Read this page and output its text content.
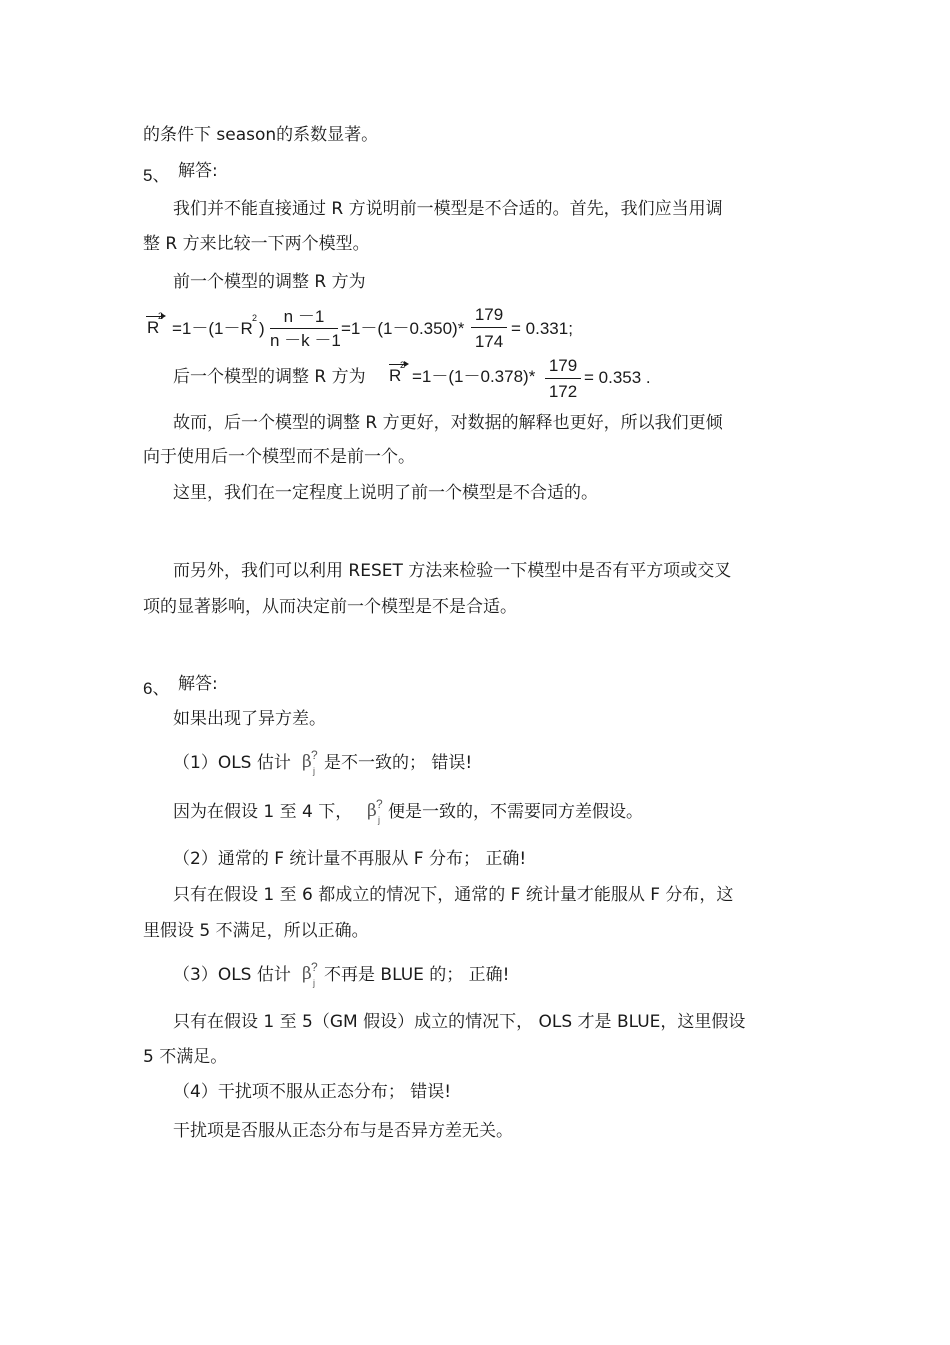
的条件下 season的系数显著。
5、 解答:
我们并不能直接通过 R 方说明前一模型是不合适的。首先，我们应当用调
整 R 方来比较一下两个模型。
前一个模型的调整 R 方为
R
2
=1－(1－R
2
)
n －1
n －k －1
=1－(1－0.350)*
179
174
= 0.331;
后一个模型的调整 R 方为 R
2
=1－(1－0.378)*
179
172
= 0.353 .
故而，后一个模型的调整 R 方更好，对数据的解释也更好，所以我们更倾
向于使用后一个模型而不是前一个。
这里，我们在一定程度上说明了前一个模型是不合适的。
而另外，我们可以利用 RESET 方法来检验一下模型中是否有平方项或交叉
项的显著影响，从而决定前一个模型是不是合适。
6、 解答:
如果出现了异方差。
（1）OLS 估计 β ?
j 是不一致的； 错误!
因为在假设 1 至 4 下， β ?
j 便是一致的，不需要同方差假设。
（2）通常的 F 统计量不再服从 F 分布； 正确!
只有在假设 1 至 6 都成立的情况下，通常的 F 统计量才能服从 F 分布，这
里假设 5 不满足，所以正确。
（3）OLS 估计 β ?
j 不再是 BLUE 的； 正确!
只有在假设 1 至 5（GM 假设）成立的情况下， OLS 才是 BLUE，这里假设
5 不满足。
（4）干扰项不服从正态分布； 错误!
干扰项是否服从正态分布与是否异方差无关。
